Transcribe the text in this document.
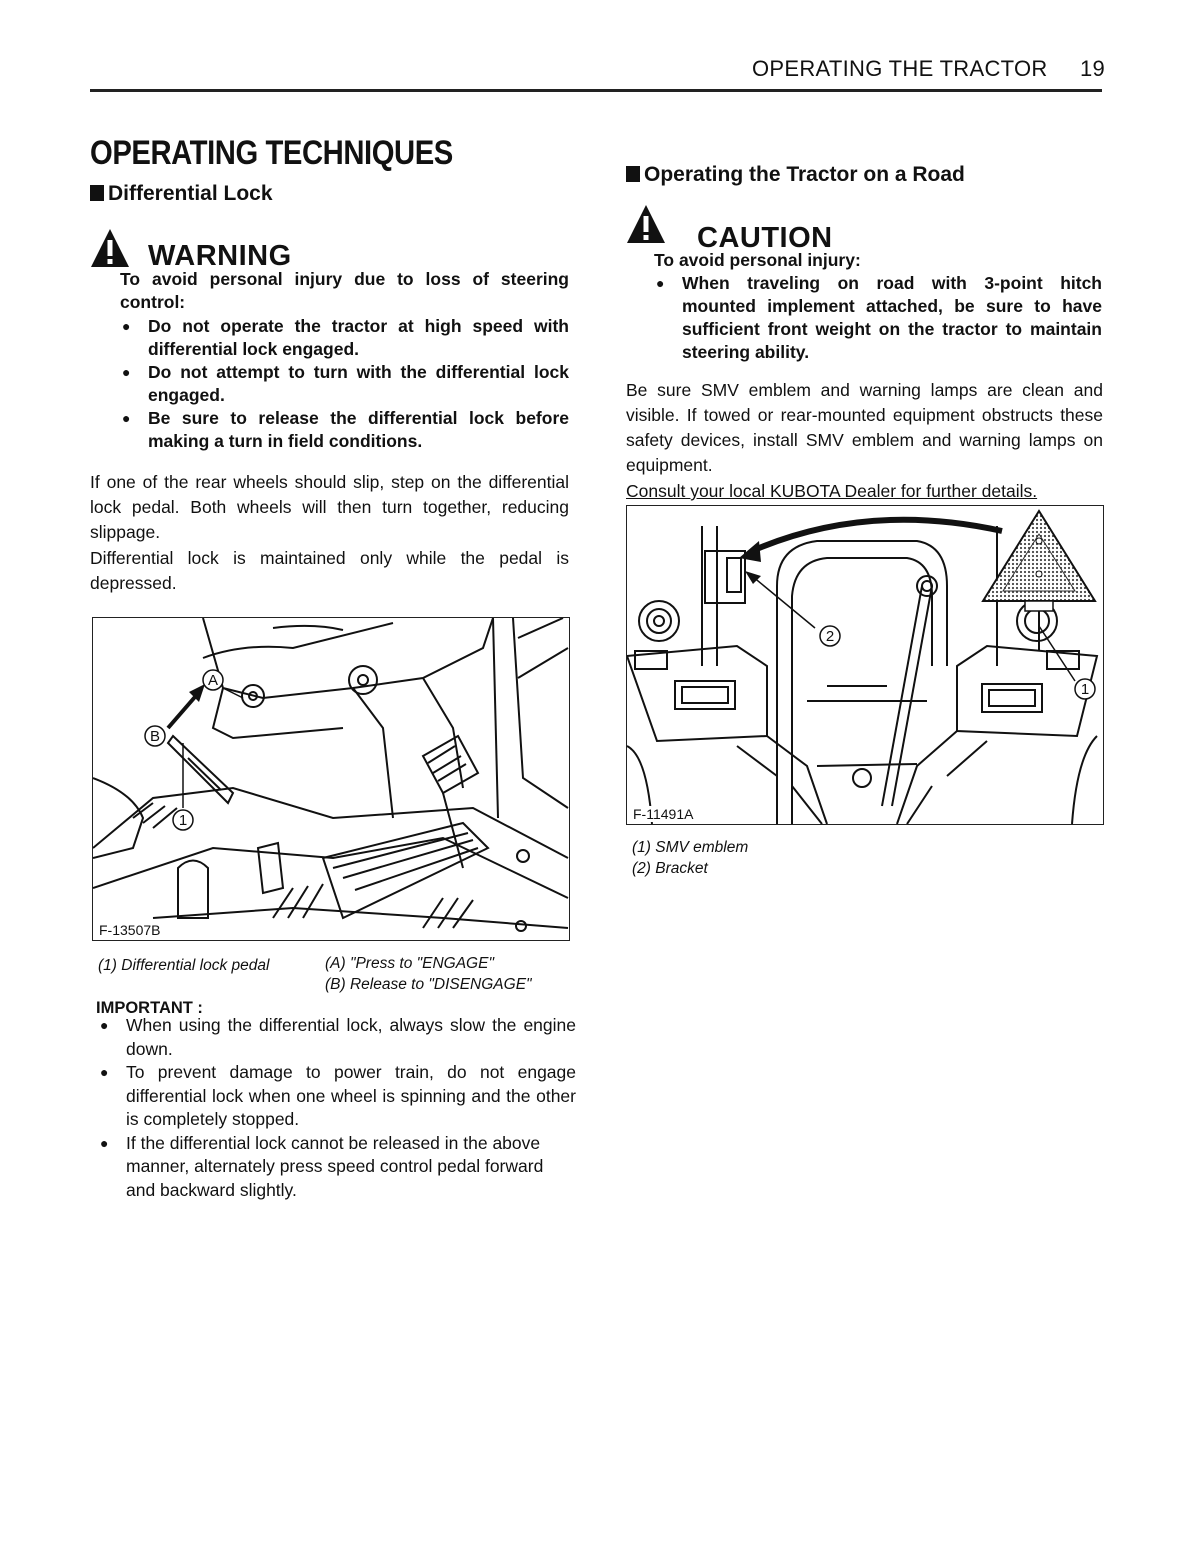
OPERATING THE TRACTOR 19
OPERATING TECHNIQUES
Differential Lock
WARNING
To avoid personal injury due to loss of steering control:
● Do not operate the tractor at high speed with differential lock engaged.
● Do not attempt to turn with the differential lock engaged.
● Be sure to release the differential lock before making a turn in field conditions.
If one of the rear wheels should slip, step on the differential lock pedal. Both wheels will then turn together, reducing slippage.
Differential lock is maintained only while the pedal is depressed.
A
B
1
F-13507B
(1) Differential lock pedal	(A) "Press to "ENGAGE"
(B) Release to "DISENGAGE"
IMPORTANT :
● When using the differential lock, always slow the engine down.
● To prevent damage to power train, do not engage differential lock when one wheel is spinning and the other is completely stopped.
● If the differential lock cannot be released in the above manner, alternately press speed control pedal forward and backward slightly.
Operating the Tractor on a Road
CAUTION
To avoid personal injury:
● When traveling on road with 3-point hitch mounted implement attached, be sure to have sufficient front weight on the tractor to maintain steering ability.
Be sure SMV emblem and warning lamps are clean and visible. If towed or rear-mounted equipment obstructs these safety devices, install SMV emblem and warning lamps on equipment.
Consult your local KUBOTA Dealer for further details.
1
2
F-11491A
(1) SMV emblem
(2) Bracket
